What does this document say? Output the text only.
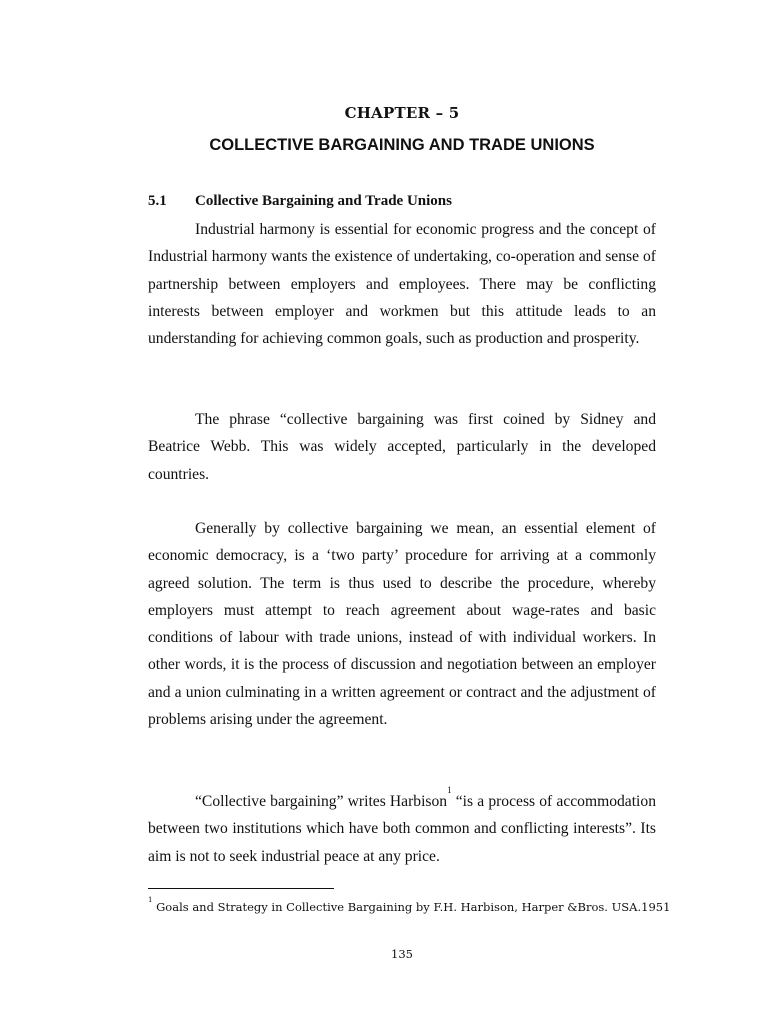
CHAPTER – 5
COLLECTIVE BARGAINING AND TRADE UNIONS
5.1 Collective Bargaining and Trade Unions

Industrial harmony is essential for economic progress and the concept of Industrial harmony wants the existence of undertaking, co-operation and sense of partnership between employers and employees. There may be conflicting interests between employer and workmen but this attitude leads to an understanding for achieving common goals, such as production and prosperity.

The phrase “collective bargaining was first coined by Sidney and Beatrice Webb. This was widely accepted, particularly in the developed countries.

Generally by collective bargaining we mean, an essential element of economic democracy, is a ‘two party’ procedure for arriving at a commonly agreed solution. The term is thus used to describe the procedure, whereby employers must attempt to reach agreement about wage-rates and basic conditions of labour with trade unions, instead of with individual workers. In other words, it is the process of discussion and negotiation between an employer and a union culminating in a written agreement or contract and the adjustment of problems arising under the agreement.

“Collective bargaining” writes Harbison$^1$ “is a process of accommodation between two institutions which have both common and conflicting interests”. Its aim is not to seek industrial peace at any price.

$^1$ Goals and Strategy in Collective Bargaining by F.H. Harbison, Harper &Bros. USA.1951
135
